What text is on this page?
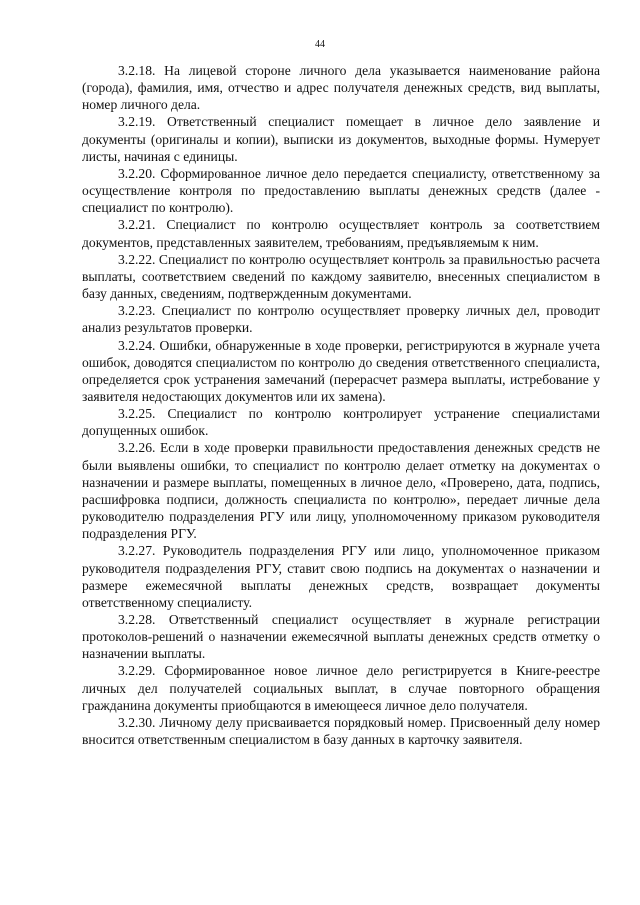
44

3.2.18. На лицевой стороне личного дела указывается наименование района (города), фамилия, имя, отчество и адрес получателя денежных средств, вид выплаты, номер личного дела.

3.2.19. Ответственный специалист помещает в личное дело заявление и документы (оригиналы и копии), выписки из документов, выходные формы. Нумерует листы, начиная с единицы.

3.2.20. Сформированное личное дело передается специалисту, ответственному за осуществление контроля по предоставлению выплаты денежных средств (далее - специалист по контролю).

3.2.21. Специалист по контролю осуществляет контроль за соответствием документов, представленных заявителем, требованиям, предъявляемым к ним.

3.2.22. Специалист по контролю осуществляет контроль за правильностью расчета выплаты, соответствием сведений по каждому заявителю, внесенных специалистом в базу данных, сведениям, подтвержденным документами.

3.2.23. Специалист по контролю осуществляет проверку личных дел, проводит анализ результатов проверки.

3.2.24. Ошибки, обнаруженные в ходе проверки, регистрируются в журнале учета ошибок, доводятся специалистом по контролю до сведения ответственного специалиста, определяется срок устранения замечаний (перерасчет размера выплаты, истребование у заявителя недостающих документов или их замена).

3.2.25. Специалист по контролю контролирует устранение специалистами допущенных ошибок.

3.2.26. Если в ходе проверки правильности предоставления денежных средств не были выявлены ошибки, то специалист по контролю делает отметку на документах о назначении и размере выплаты, помещенных в личное дело, «Проверено, дата, подпись, расшифровка подписи, должность специалиста по контролю», передает личные дела руководителю подразделения РГУ или лицу, уполномоченному приказом руководителя подразделения РГУ.

3.2.27. Руководитель подразделения РГУ или лицо, уполномоченное приказом руководителя подразделения РГУ, ставит свою подпись на документах о назначении и размере ежемесячной выплаты денежных средств, возвращает документы ответственному специалисту.

3.2.28. Ответственный специалист осуществляет в журнале регистрации протоколов-решений о назначении ежемесячной выплаты денежных средств отметку о назначении выплаты.

3.2.29. Сформированное новое личное дело регистрируется в Книге-реестре личных дел получателей социальных выплат, в случае повторного обращения гражданина документы приобщаются в имеющееся личное дело получателя.

3.2.30. Личному делу присваивается порядковый номер. Присвоенный делу номер вносится ответственным специалистом в базу данных в карточку заявителя.
